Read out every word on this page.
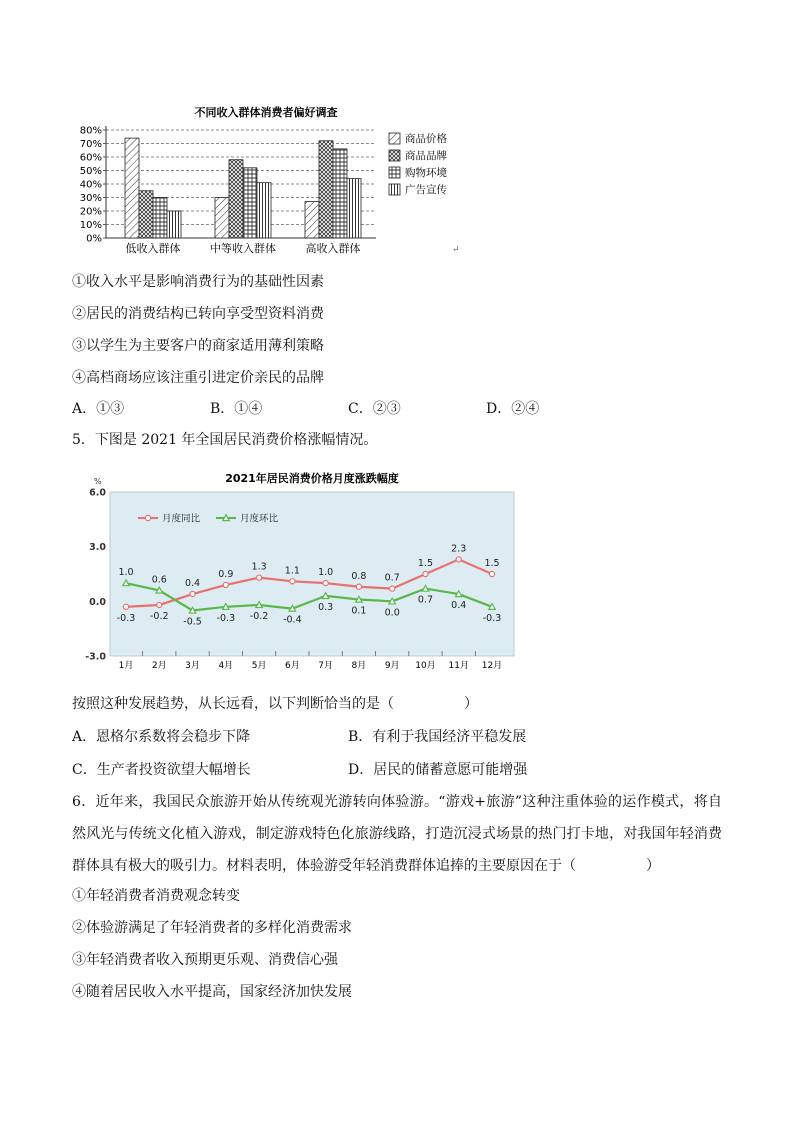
不同收入群体消费者偏好调查
0%
10%
20%
30%
40%
50%
60%
70%
80%
低收入群体	中等收入群体	高收入群体
商品价格
商品品牌
购物环境
广告宣传
↵
①收入水平是影响消费行为的基础性因素
②居民的消费结构已转向享受型资料消费
③以学生为主要客户的商家适用薄利策略
④高档商场应该注重引进定价亲民的品牌
A．①③	B．①④	C．②③	D．②④
5．下图是 2021 年全国居民消费价格涨幅情况。
2021年居民消费价格月度涨跌幅度
%
6.0
3.0
0.0
-3.0
1月 2月 3月 4月 5月 6月 7月 8月 9月 10月 11月 12月
-0.3 -0.2
0.4
0.9
1.3 1.1 1.0 0.8 0.7
1.5
2.3
1.5
1.0
0.6
-0.5 -0.3 -0.2 -0.4
0.3 0.1 0.0
0.7 0.4
-0.3
月度同比	月度环比
按照这种发展趋势，从长远看，以下判断恰当的是（　　　　　）
A．恩格尔系数将会稳步下降	B．有利于我国经济平稳发展
C．生产者投资欲望大幅增长	D．居民的储蓄意愿可能增强
6．近年来，我国民众旅游开始从传统观光游转向体验游。“游戏+旅游”这种注重体验的运作模式，将自然风光与传统文化植入游戏，制定游戏特色化旅游线路，打造沉浸式场景的热门打卡地，对我国年轻消费群体具有极大的吸引力。材料表明，体验游受年轻消费群体追捧的主要原因在于（　　　　　）
①年轻消费者消费观念转变
②体验游满足了年轻消费者的多样化消费需求
③年轻消费者收入预期更乐观、消费信心强
④随着居民收入水平提高，国家经济加快发展
